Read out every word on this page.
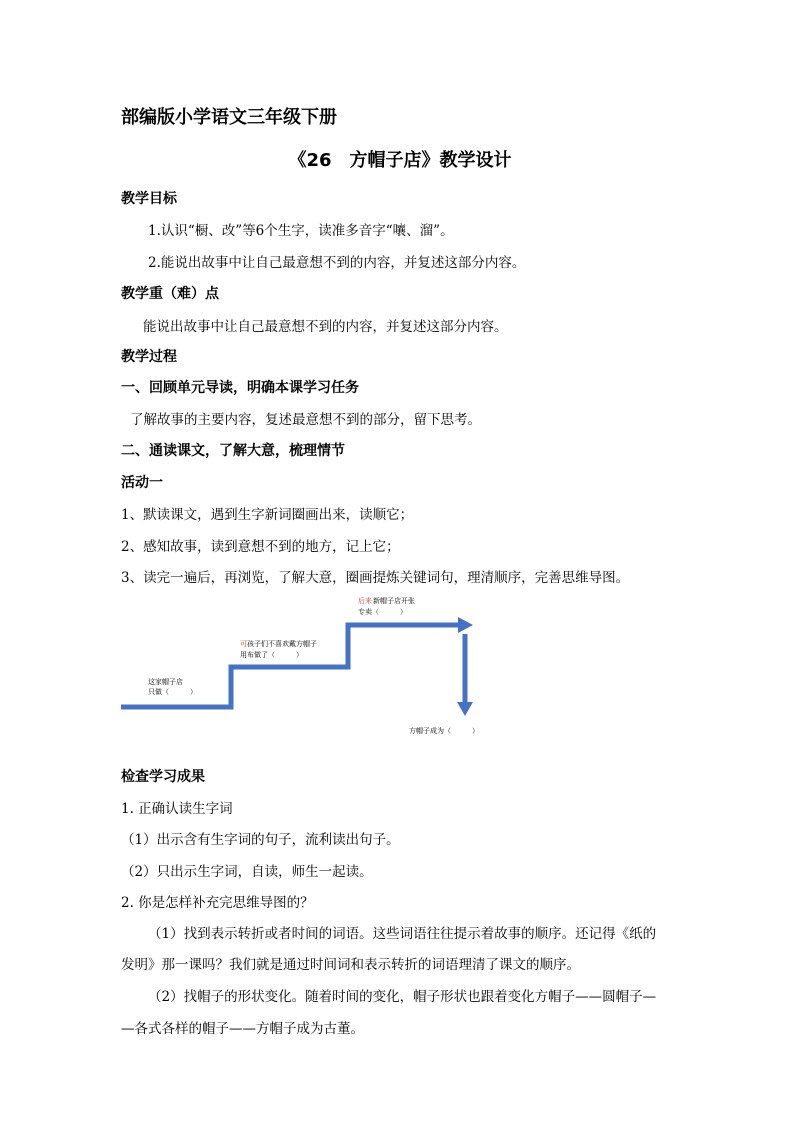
部编版小学语文三年级下册
《26　方帽子店》教学设计
教学目标
1.认识“橱、改”等6个生字，读准多音字“嚷、溜”。
2.能说出故事中让自己最意想不到的内容，并复述这部分内容。
教学重（难）点
能说出故事中让自己最意想不到的内容，并复述这部分内容。
教学过程
一、回顾单元导读，明确本课学习任务
了解故事的主要内容，复述最意想不到的部分，留下思考。
二、通读课文，了解大意，梳理情节
活动一
1、默读课文，遇到生字新词圈画出来，读顺它；
2、感知故事，读到意想不到的地方，记上它；
3、读完一遍后，再浏览，了解大意，圈画提炼关键词句，理清顺序，完善思维导图。
这家帽子店
只做（　　　）
可 孩子们不喜欢戴方帽子
用布做了（　　　）
后来 新帽子店开张
专卖（　　　）
方帽子成为（　　　）
检查学习成果
1. 正确认读生字词
（1）出示含有生字词的句子，流利读出句子。
（2）只出示生字词，自读，师生一起读。
2. 你是怎样补充完思维导图的？
（1）找到表示转折或者时间的词语。这些词语往往提示着故事的顺序。还记得《纸的
发明》那一课吗？我们就是通过时间词和表示转折的词语理清了课文的顺序。
（2）找帽子的形状变化。随着时间的变化，帽子形状也跟着变化方帽子——圆帽子—
—各式各样的帽子——方帽子成为古董。
